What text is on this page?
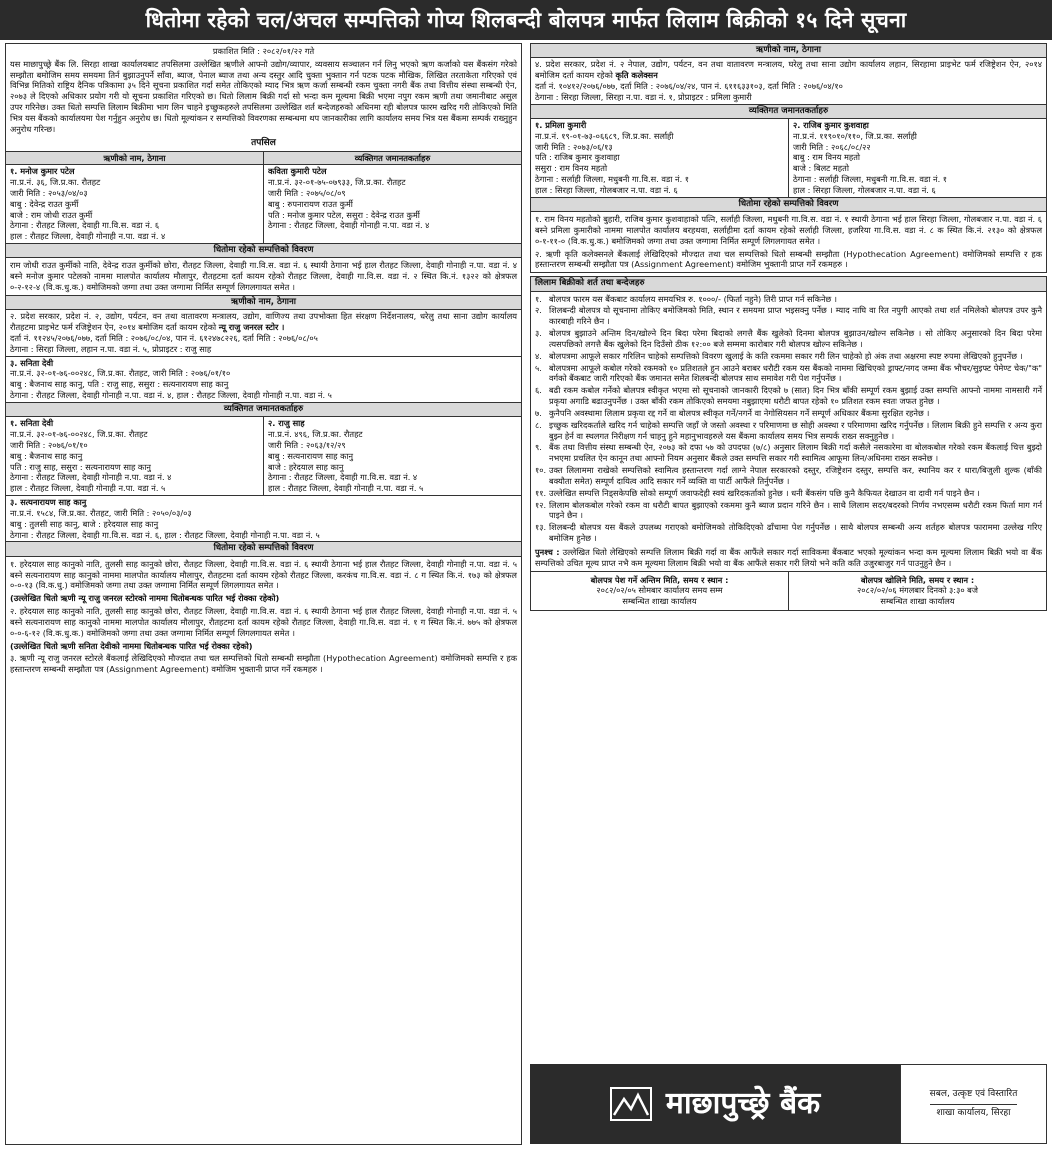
धितोमा रहेको चल/अचल सम्पत्तिको गोप्य शिलबन्दी बोलपत्र मार्फत लिलाम बिक्रीको १५ दिने सूचना
प्रकाशित मिति : २०८२/०१/२२ गते
यस माछापुच्छ्रे बैंक लि. सिरहा शाखा कार्यालयबाट तपसिलमा उल्लेखित ऋणीले आफ्नो उद्योग/व्यापार, व्यवसाय सञ्चालन गर्न लिनु भएको ऋण कर्जाको यस बैंकसंग गरेको सम्झौता बमोजिम समय समयमा तिर्न बुझाउनुपर्ने साँवा, ब्याज, पेनाल ब्याज तथा अन्य दस्तुर आदि चुक्ता भुक्तान गर्न पटक पटक मौखिक, लिखित तरताकेता गरिएको एवं विभिन्न मितिको राष्ट्रिय दैनिक पत्रिकामा ३५ दिने सूचना प्रकाशित गर्दा समेत तोकिएको म्याद भित्र ऋण कर्जा सम्बन्धी रकम चुक्ता नगरी बैंक तथा वित्तीय संस्था सम्बन्धी ऐन, २०७३ ले दिएको अधिकार प्रयोग गरी यो सूचना प्रकाशित गरिएको छ। धितो लिलाम बिक्री गर्दा सो भन्दा कम मूल्यमा बिक्री भएमा नपुग रकम ऋणी तथा जमानीबाट असुल उपर गरिनेछ। उक्त धितो सम्पत्ति लिलाम बिक्रीमा भाग लिन चाहने इच्छुकहरुले तपसिलमा उल्लेखित शर्त बन्देजहरुको अधिनमा रही बोलपत्र फारम खरिद गरी तोकिएको मिति भित्र यस बैंकको कार्यालयमा पेश गर्नुहुन अनुरोध छ। धितो मूल्यांकन र सम्पत्तिको विवरणका सम्बन्धमा थप जानकारीका लागि कार्यालय समय भित्र यस बैंकमा सम्पर्क राख्नुहुन अनुरोध गरिन्छ।
तपसिल
ऋणीको नाम, ठेगाना	व्यक्तिगत जमानतकर्ताहरु
१. मनोज कुमार पटेल
ना.प्र.नं. ३६, जि.प्र.का. रौतहट
जारी मिति : २०५३/०४/०३
बाबु : देवेन्द्र राउत कुर्मी
बाजे : राम जोधी राउत कुर्मी
ठेगाना : रौतहट जिल्ला, देवाही गा.वि.स. वडा नं. ६
हाल : रौतहट जिल्ला, देवाही गोनाही न.पा. वडा नं. ४
कविता कुमारी पटेल
ना.प्र.नं. ३२-०१-७५-०७९३३, जि.प्र.का. रौतहट
जारी मिति : २०७५/०८/०९
बाबु : रुपनारायण राउत कुर्मी
पति : मनोज कुमार पटेल, ससुरा : देवेन्द्र राउत कुर्मी
ठेगाना : रौतहट जिल्ला, देवाही गोनाही न.पा. वडा नं. ४
धितोमा रहेको सम्पत्तिको विवरण
राम जोधी राउत कुर्मीको नाति, देवेन्द्र राउत कुर्मीको छोरा, रौतहट जिल्ला, देवाही गा.वि.स. वडा नं. ६ स्थायी ठेगाना भई हाल रौतहट जिल्ला, देवाही गोनाही न.पा. वडा नं. ४ बस्ने मनोज कुमार पटेलको नाममा मालपोत कार्यालय मौलापुर, रौतहटमा दर्ता कायम रहेको रौतहट जिल्ला, देवाही गा.वि.स. वडा नं. २ स्थित कि.नं. १३२२ को क्षेत्रफल ०-२-१२-४ (वि.क.धु.क.) वमोजिमको जग्गा तथा उक्त जग्गामा निर्मित सम्पूर्ण लिगलगायत समेत ।
ऋणीको नाम, ठेगाना
२. प्रदेश सरकार, प्रदेश नं. २, उद्योग, पर्यटन, वन तथा वातावरण मन्त्रालय, उद्योग, वाणिज्य तथा उपभोक्ता हित संरक्षण निर्देशनालय, धरेलु तथा साना उद्योग कार्यालय रौतहटमा प्राइभेट फर्म रजिष्ट्रेशन ऐन, २०१४ बमोजिम दर्ता कायम रहेको न्यू राजु जनरल स्टोर ।
दर्ता नं. ११२४५/२०७६/०७७, दर्ता मिति : २०७६/०८/०४, पान नं. ६१२४७८२२६, दर्ता मिति : २०७६/०८/०५
ठेगाना : सिरहा जिल्ला, लहान न.पा. वडा नं. ५, प्रोप्राइटर : राजु साह
३. सनिता देवी
ना.प्र.नं. ३२-०१-७६-००२४८, जि.प्र.का. रौतहट, जारी मिति : २०७६/०१/१०
बाबु : बैजनाथ साह कानु, पति : राजु साह, ससुरा : सत्यनारायण साह कानु
ठेगाना : रौतहट जिल्ला, देवाही गोनाही न.पा. वडा नं. ४, हाल : रौतहट जिल्ला, देवाही गोनाही न.पा. वडा नं. ५
व्यक्तिगत जमानतकर्ताहरु
१. सनिता देवी
ना.प्र.नं. ३२-०१-७६-००२४८, जि.प्र.का. रौतहट
जारी मिति : २०७६/०१/१०
बाबु : बैजनाथ साह कानु
पति : राजु साह, ससुरा : सत्यनारायण साह कानु
ठेगाना : रौतहट जिल्ला, देवाही गोनाही न.पा. वडा नं. ४
हाल : रौतहट जिल्ला, देवाही गोनाही न.पा. वडा नं. ५
२. राजु साह
ना.प्र.नं. ४९६, जि.प्र.का. रौतहट
जारी मिति : २०६३/१२/२९
बाबु : सत्यनारायण साह कानु
बाजे : हरेदयाल साह कानु
ठेगाना : रौतहट जिल्ला, देवाही गा.वि.स. वडा नं. ४
हाल : रौतहट जिल्ला, देवाही गोनाही न.पा. वडा नं. ५
३. सत्यनारायण साह कानु
ना.प्र.नं. १५८४, जि.प्र.का. रौतहट, जारी मिति : २०५०/०३/०३
बाबु : तुलसी साह कानु, बाजे : हरेदयाल साह कानु
ठेगाना : रौतहट जिल्ला, देवाही गा.वि.स. वडा नं. ६, हाल : रौतहट जिल्ला, देवाही गोनाही न.पा. वडा नं. ५
धितोमा रहेको सम्पत्तिको विवरण
१. हरेदयाल साह कानुको नाति, तुलसी साह कानुको छोरा, रौतहट जिल्ला, देवाही गा.वि.स. वडा नं. ६ स्थायी ठेगाना भई हाल रौतहट जिल्ला, देवाही गोनाही न.पा. वडा नं. ५ बस्ने सत्यनारायण साह कानुको नाममा मालपोत कार्यालय मौलापुर, रौतहटमा दर्ता कायम रहेको रौतहट जिल्ला, करकंच गा.वि.स. वडा नं. ८ ग स्थित कि.नं. १७३ को क्षेत्रफल ०-०-१३ (वि.क.धु.) वमोजिमको जग्गा तथा उक्त जग्गामा निर्मित सम्पूर्ण लिगलगायत समेत ।
(उल्लेखित धितो ऋणी न्यू राजु जनरल स्टोरको नाममा धितोबन्धक पारित भई रोक्का रहेको)
२. हरेदयाल साह कानुको नाति, तुलसी साह कानुको छोरा, रौतहट जिल्ला, देवाही गा.वि.स. वडा नं. ६ स्थायी ठेगाना भई हाल रौतहट जिल्ला, देवाही गोनाही न.पा. वडा नं. ५ बस्ने सत्यनारायण साह कानुको नाममा मालपोत कार्यालय मौलापुर, रौतहटमा दर्ता कायम रहेको रौतहट जिल्ला, देवाही गा.वि.स. वडा नं. १ ग स्थित कि.नं. ७७५ को क्षेत्रफल ०-०-६-१२ (वि.क.धु.क.) वमोजिमको जग्गा तथा उक्त जग्गामा निर्मित सम्पूर्ण लिगलगायत समेत ।
(उल्लेखित धितो ऋणी सनिता देवीको नाममा धितोबन्धक पारित भई रोक्का रहेको)
३. ऋणी न्यू राजु जनरल स्टोरले बैंकलाई लेखिदिएको मौज्दात तथा चल सम्पत्तिको धितो सम्बन्धी सम्झौता (Hypothecation Agreement) वमोजिमको सम्पत्ति र हक हस्तान्तरण सम्बन्धी सम्झौता पत्र (Assignment Agreement) वमोजिम भुक्तानी प्राप्त गर्ने रकमहरु ।
ऋणीको नाम, ठेगाना
४. प्रदेश सरकार, प्रदेश नं. २ नेपाल, उद्योग, पर्यटन, वन तथा वातावरण मन्त्रालय, घरेलु तथा साना उद्योग कार्यालय लहान, सिरहामा प्राइभेट फर्म रजिष्ट्रेशन ऐन, २०१४ बमोजिम दर्ता कायम रहेको कृति कलेक्सन
दर्ता नं. १०४१२/२०७६/०७७, दर्ता मिति : २०७६/०४/२४, पान नं. ६११६३३१०३, दर्ता मिति : २०७६/०४/१०
ठेगाना : सिरहा जिल्ला, सिरहा न.पा. वडा नं. १, प्रोप्राइटर : प्रमिला कुमारी
व्यक्तिगत जमानतकर्ताहरु
१. प्रमिला कुमारी
ना.प्र.नं. १९-०१-७३-०६६८९, जि.प्र.का. सर्लाही
जारी मिति : २०७३/०६/१३
पति : राजिब कुमार कुशवाहा
ससुरा : राम विनय महतो
ठेगाना : सर्लाही जिल्ला, मधुबनी गा.वि.स. वडा नं. १
हाल : सिरहा जिल्ला, गोलबजार न.पा. वडा नं. ६
२. राजिब कुमार कुशवाहा
ना.प्र.नं. ११९०१०/११०, जि.प्र.का. सर्लाही
जारी मिति : २०६८/०८/२२
बाबु : राम विनय महतो
बाजे : बिलट महतो
ठेगाना : सर्लाही जिल्ला, मधुबनी गा.वि.स. वडा नं. १
हाल : सिरहा जिल्ला, गोलबजार न.पा. वडा नं. ६
धितोमा रहेको सम्पत्तिको विवरण
१. राम विनय महतोको बुहारी, राजिब कुमार कुशवाहाको पत्नि, सर्लाही जिल्ला, मधुबनी गा.वि.स. वडा नं. १ स्थायी ठेगाना भई हाल सिरहा जिल्ला, गोलबजार न.पा. वडा नं. ६ बस्ने प्रमिला कुमारीको नाममा मालपोत कार्यालय बरहथवा, सर्लाहीमा दर्ता कायम रहेको सर्लाही जिल्ला, हजरिया गा.वि.स. वडा नं. ८ क स्थित कि.नं. २१३० को क्षेत्रफल ०-१-११-० (वि.क.धु.क.) बमोजिमको जग्गा तथा उक्त जग्गामा निर्मित सम्पूर्ण लिगलगायत समेत ।
२. ऋणी कृति कलेक्सनले बैंकलाई लेखिदिएको मौज्दात तथा चल सम्पत्तिको धितो सम्बन्धी सम्झौता (Hypothecation Agreement) वमोजिमको सम्पत्ति र हक हस्तान्तरण सम्बन्धी सम्झौता पत्र (Assignment Agreement) वमोजिम भुक्तानी प्राप्त गर्ने रकमहरु ।
लिलाम बिक्रीको शर्त तथा बन्देजहरु
१. बोलपत्र फारम यस बैंकबाट कार्यालय समयभित्र रु. १०००/- (फिर्ता नहुने) तिरी प्राप्त गर्न सकिनेछ ।
२. शिलबन्दी बोलपत्र यो सूचनामा तोकिए बमोजिमको मिति, स्थान र समयमा प्राप्त भइसक्नु पर्नेछ । म्याद नाघि वा रित नपुगी आएको तथा शर्त नमिलेको बोलपत्र उपर कुनै कारबाही गरिने छैन ।
३. बोलपत्र बुझाउने अन्तिम दिन/खोल्ने दिन बिदा परेमा बिदाको लगत्तै बैंक खुलेको दिनमा बोलपत्र बुझाउन/खोल्न सकिनेछ । सो तोकिए अनुसारको दिन बिदा परेमा त्यसपछिको लगत्तै बैंक खुलेको दिन दिउँसो ठीक १२:०० बजे सम्ममा कारोबार गरी बोलपत्र खोल्न सकिनेछ ।
४. बोलपत्रमा आफूले सकार गरिलिन चाहेको सम्पत्तिको विवरण खुलाई के कति रकममा सकार गरी लिन चाहेको हो अंक तथा अक्षरमा स्पष्ट रुपमा लेखिएको हुनुपर्नेछ ।
५. बोलपत्रमा आफूले कबोल गरेको रकमको १० प्रतिशतले हुन आउने बराबर धरौटी रकम यस बैंकको नाममा खिचिएको ड्राफ्ट/नगद जम्मा बैंक भौचर/सुइफ्ट पेमेण्ट चेक/"क" वर्गको बैंकबाट जारी गरिएको बैंक जमानत समेत शिलबन्दी बोलपत्र साथ समावेश गरी पेश गर्नुपर्नेछ ।
६. बढी रकम कबोल गर्नेको बोलपत्र स्वीकृत भएमा सो सूचनाको जानकारी दिएको ७ (सात) दिन भित्र बाँकी सम्पूर्ण रकम बुझाई उक्त सम्पत्ति आफ्नो नाममा नामसारी गर्ने प्रकृया अगाडि बढाउनुपर्नेछ । उक्त बाँकी रकम तोकिएको समयमा नबुझाएमा धरौटी बापत रहेको १० प्रतिशत रकम स्वतः जफत हुनेछ ।
७. कुनैपनि अवस्थामा लिलाम प्रकृया रद्द गर्ने वा बोलपत्र स्वीकृत गर्ने/नगर्ने वा नेगोसियसन गर्ने सम्पूर्ण अधिकार बैंकमा सुरक्षित रहनेछ ।
८. इच्छुक खरिदकर्ताले खरिद गर्न चाहेको सम्पत्ति जहाँ जे जस्तो अवस्था र परिमाणमा छ सोही अवस्था र परिमाणमा खरिद गर्नुपर्नेछ । लिलाम बिक्री हुने सम्पत्ति र अन्य कुरा बुझ्न हेर्न वा स्थलगत निरीक्षण गर्न चाहनु हुने महानुभावहरुले यस बैंकमा कार्यालय समय भित्र सम्पर्क राख्न सक्नुहुनेछ ।
९. बैंक तथा वित्तीय संस्था सम्बन्धी ऐन, २०७३ को दफा ५७ को उपदफा (७/८) अनुसार लिलाम बिक्री गर्दा कसैले नसकारेमा वा बोलकबोल गरेको रकम बैंकलाई चित्त बुझ्दो नभएमा प्रचलित ऐन कानून तथा आफ्नो नियम अनुसार बैंकले उक्त सम्पत्ति सकार गरी स्वामित्व आफूमा लिन/अधिनमा राख्न सक्नेछ ।
१०. उक्त लिलाममा राखेको सम्पत्तिको स्वामित्व हस्तान्तरण गर्दा लाग्ने नेपाल सरकारको दस्तुर, रजिष्ट्रेशन दस्तुर, सम्पत्ति कर, स्थानिय कर र धारा/बिजुली शुल्क (बाँकी बक्यौता समेत) सम्पूर्ण दायित्व आदि सकार गर्ने व्यक्ति वा पार्टी आफैंले तिर्नुपर्नेछ ।
११. उल्लेखित सम्पत्ति निड्सकेपछि सोको सम्पूर्ण जवाफदेही स्वयं खरिदकर्ताको हुनेछ । धनी बैंकसंग पछि कुनै कैफियत देखाउन वा दावी गर्न पाइने छैन ।
१२. लिलाम बोलकबोल गरेको रकम वा धरौटी बापत बुझाएको रकममा कुनै ब्याज प्रदान गरिने छैन । साथै लिलाम सदर/बदरको निर्णय नभएसम्म धरौटी रकम फिर्ता माग गर्न पाइने छैन ।
१३. शिलबन्दी बोलपत्र यस बैंकले उपलब्ध गराएको बमोजिमको तोकिदिएको ढाँचामा पेश गर्नुपर्नेछ । साथै बोलपत्र सम्बन्धी अन्य शर्तहरु बोलपत्र फाराममा उल्लेख गरिए बमोजिम हुनेछ ।
पुनश्च : उल्लेखित धितो लेखिएको सम्पत्ति लिलाम बिक्री गर्दा वा बैंक आफैंले सकार गर्दा साविकमा बैंकबाट भएको मूल्यांकन भन्दा कम मूल्यमा लिलाम बिक्री भयो वा बैंक सम्पत्तिको उचित मूल्य प्राप्त नभै कम मूल्यमा लिलाम बिक्री भयो वा बैंक आफैंले सकार गरी लियो भने कति कति उजुरबाजुर गर्न पाउनुहुने छैन ।
बोलपत्र पेश गर्ने अन्तिम मिति, समय र स्थान :
२०८२/०२/०५ सोमबार कार्यालय समय सम्म
सम्बन्धित शाखा कार्यालय
बोलपत्र खोलिने मिति, समय र स्थान :
२०८२/०२/०६ मंगलबार दिनको ३:३० बजे
सम्बन्धित शाखा कार्यालय
माछापुच्छ्रे बैंक	सबल, उत्कृष्ट एवं विस्तारित
शाखा कार्यालय, सिरहा
